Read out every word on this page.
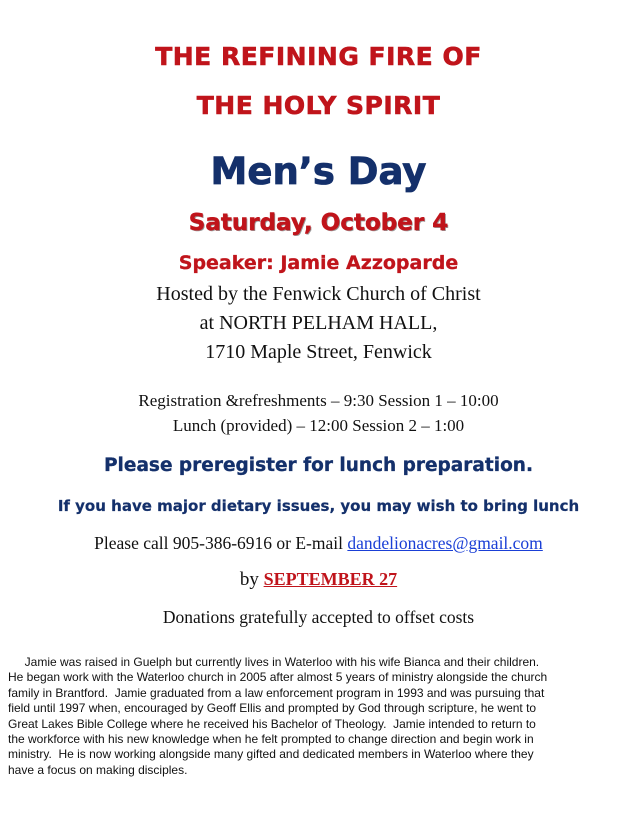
THE REFINING FIRE OF
THE HOLY SPIRIT
Men’s Day
Saturday, October 4
Speaker: Jamie Azzoparde
Hosted by the Fenwick Church of Christ
at NORTH PELHAM HALL,
1710 Maple Street, Fenwick
Registration &refreshments – 9:30 Session 1 – 10:00
Lunch (provided) – 12:00 Session 2 – 1:00
Please preregister for lunch preparation.
If you have major dietary issues, you may wish to bring lunch
Please call 905-386-6916 or E-mail dandelionacres@gmail.com
by SEPTEMBER 27
Donations gratefully accepted to offset costs
Jamie was raised in Guelph but currently lives in Waterloo with his wife Bianca and their children.
He began work with the Waterloo church in 2005 after almost 5 years of ministry alongside the church
family in Brantford.  Jamie graduated from a law enforcement program in 1993 and was pursuing that
field until 1997 when, encouraged by Geoff Ellis and prompted by God through scripture, he went to
Great Lakes Bible College where he received his Bachelor of Theology.  Jamie intended to return to
the workforce with his new knowledge when he felt prompted to change direction and begin work in
ministry.  He is now working alongside many gifted and dedicated members in Waterloo where they
have a focus on making disciples.
